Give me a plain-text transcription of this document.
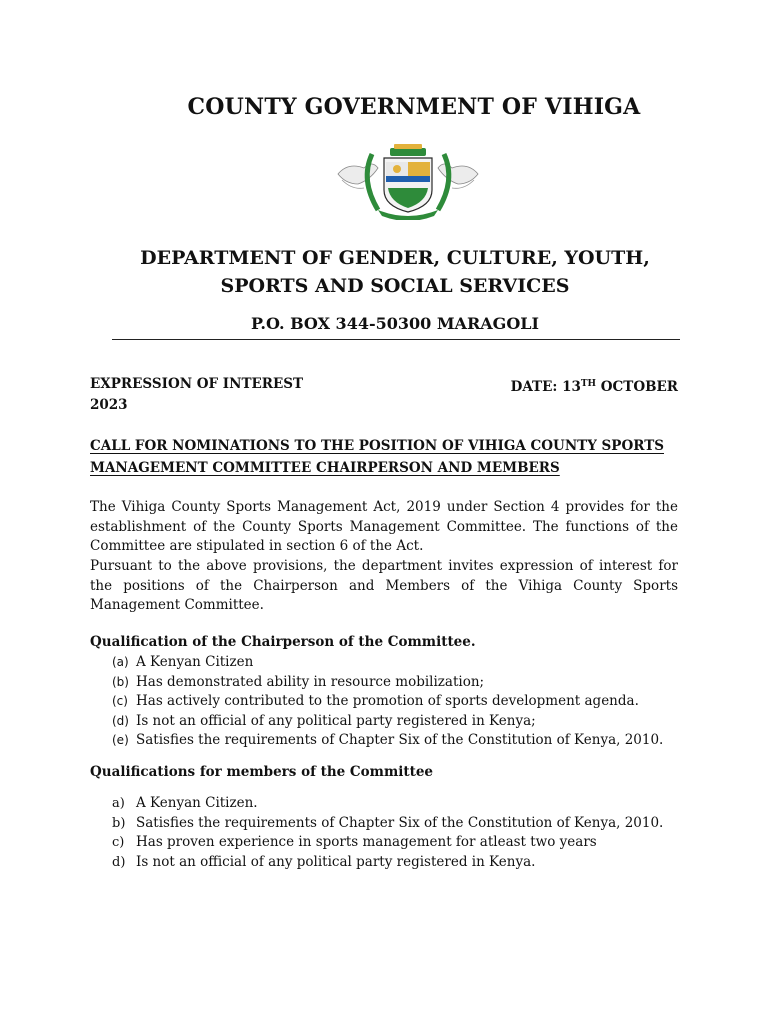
COUNTY GOVERNMENT OF VIHIGA
DEPARTMENT OF GENDER, CULTURE, YOUTH,
SPORTS AND SOCIAL SERVICES
P.O. BOX 344-50300 MARAGOLI
EXPRESSION OF INTEREST	DATE: 13TH OCTOBER
2023
CALL FOR NOMINATIONS TO THE POSITION OF VIHIGA COUNTY SPORTS
MANAGEMENT COMMITTEE CHAIRPERSON AND MEMBERS
The Vihiga County Sports Management Act, 2019 under Section 4 provides for the establishment of the County Sports Management Committee. The functions of the Committee are stipulated in section 6 of the Act.
Pursuant to the above provisions, the department invites expression of interest for the positions of the Chairperson and Members of the Vihiga County Sports Management Committee.
Qualification of the Chairperson of the Committee.
(a) A Kenyan Citizen
(b) Has demonstrated ability in resource mobilization;
(c) Has actively contributed to the promotion of sports development agenda.
(d) Is not an official of any political party registered in Kenya;
(e) Satisfies the requirements of Chapter Six of the Constitution of Kenya, 2010.
Qualifications for members of the Committee
a) A Kenyan Citizen.
b) Satisfies the requirements of Chapter Six of the Constitution of Kenya, 2010.
c) Has proven experience in sports management for atleast two years
d) Is not an official of any political party registered in Kenya.
